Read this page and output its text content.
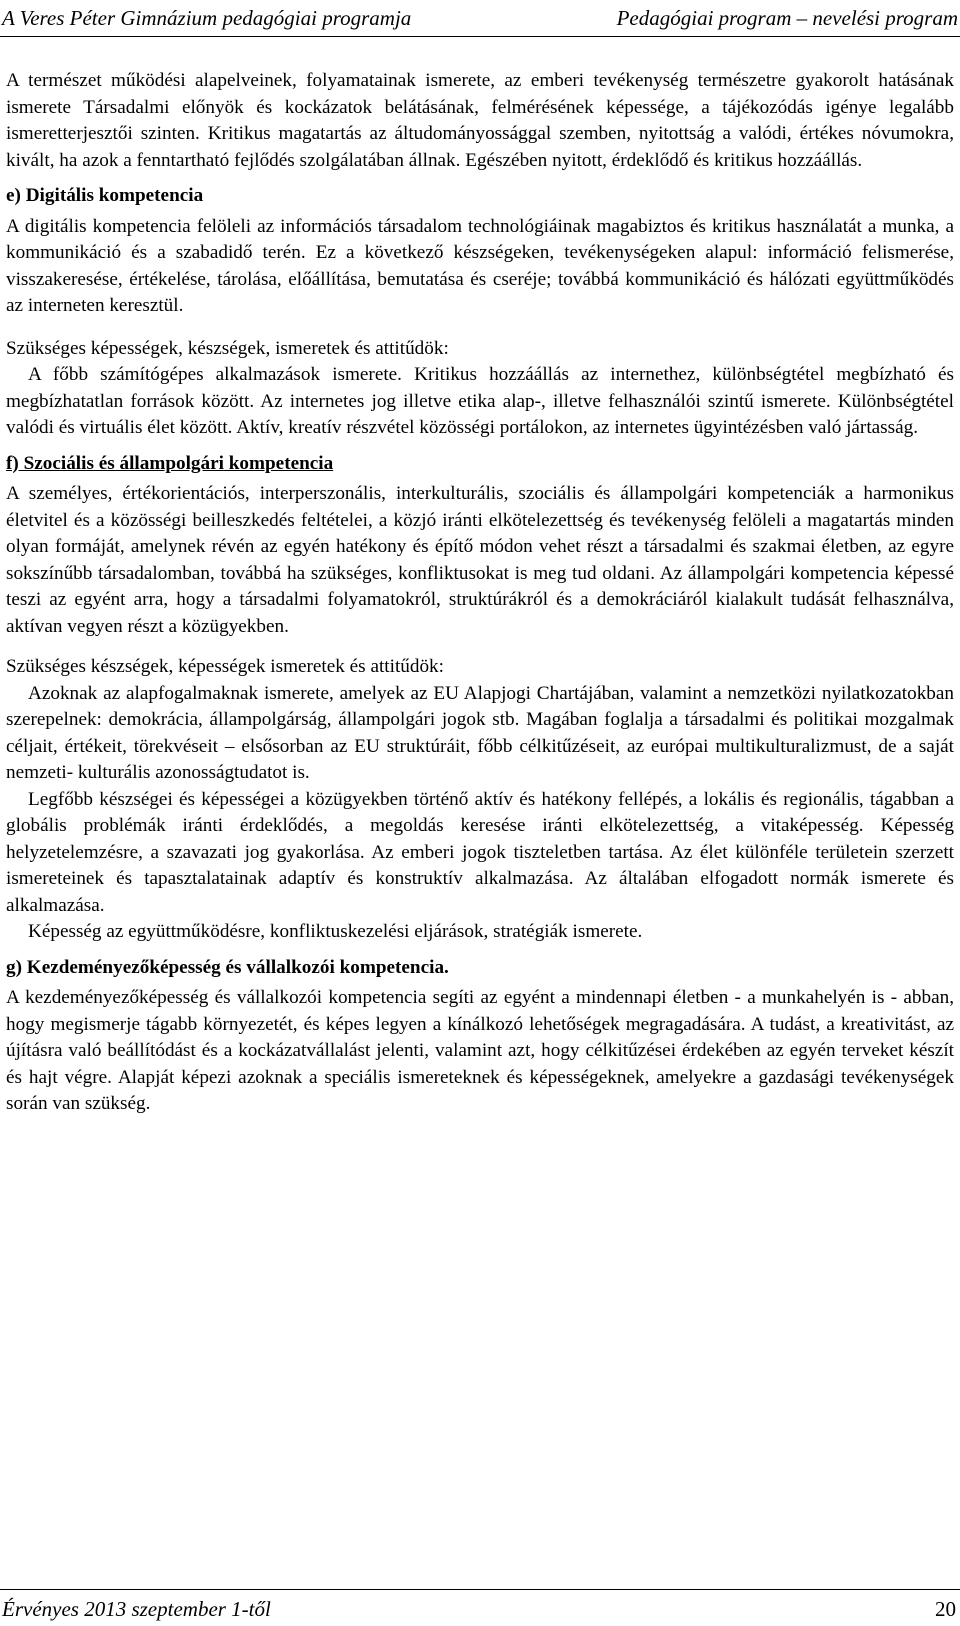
A Veres Péter Gimnázium pedagógiai programja	Pedagógiai program – nevelési program

A természet működési alapelveinek, folyamatainak ismerete, az emberi tevékenység természetre gyakorolt hatásának ismerete Társadalmi előnyök és kockázatok belátásának, felmérésének képessége, a tájékozódás igénye legalább ismeretterjesztői szinten. Kritikus magatartás az áltudományossággal szemben, nyitottság a valódi, értékes nóvumokra, kivált, ha azok a fenntartható fejlődés szolgálatában állnak. Egészében nyitott, érdeklődő és kritikus hozzáállás.

e) Digitális kompetencia

A digitális kompetencia felöleli az információs társadalom technológiáinak magabiztos és kritikus használatát a munka, a kommunikáció és a szabadidő terén. Ez a következő készségeken, tevékenységeken alapul: információ felismerése, visszakeresése, értékelése, tárolása, előállítása, bemutatása és cseréje; továbbá kommunikáció és hálózati együttműködés az interneten keresztül.

Szükséges képességek, készségek, ismeretek és attitűdök:

A főbb számítógépes alkalmazások ismerete. Kritikus hozzáállás az internethez, különbségtétel megbízható és megbízhatatlan források között. Az internetes jog illetve etika alap-, illetve felhasználói szintű ismerete. Különbségtétel valódi és virtuális élet között. Aktív, kreatív részvétel közösségi portálokon, az internetes ügyintézésben való jártasság.

f) Szociális és állampolgári kompetencia

A személyes, értékorientációs, interperszonális, interkulturális, szociális és állampolgári kompetenciák a harmonikus életvitel és a közösségi beilleszkedés feltételei, a közjó iránti elkötelezettség és tevékenység felöleli a magatartás minden olyan formáját, amelynek révén az egyén hatékony és építő módon vehet részt a társadalmi és szakmai életben, az egyre sokszínűbb társadalomban, továbbá ha szükséges, konfliktusokat is meg tud oldani. Az állampolgári kompetencia képessé teszi az egyént arra, hogy a társadalmi folyamatokról, struktúrákról és a demokráciáról kialakult tudását felhasználva, aktívan vegyen részt a közügyekben.

Szükséges készségek, képességek ismeretek és attitűdök:

Azoknak az alapfogalmaknak ismerete, amelyek az EU Alapjogi Chartájában, valamint a nemzetközi nyilatkozatokban szerepelnek: demokrácia, állampolgárság, állampolgári jogok stb. Magában foglalja a társadalmi és politikai mozgalmak céljait, értékeit, törekvéseit – elsősorban az EU struktúráit, főbb célkitűzéseit, az európai multikulturalizmust, de a saját nemzeti- kulturális azonosságtudatot is.

Legfőbb készségei és képességei a közügyekben történő aktív és hatékony fellépés, a lokális és regionális, tágabban a globális problémák iránti érdeklődés, a megoldás keresése iránti elkötelezettség, a vitaképesség. Képesség helyzetelemzésre, a szavazati jog gyakorlása. Az emberi jogok tiszteletben tartása. Az élet különféle területein szerzett ismereteinek és tapasztalatainak adaptív és konstruktív alkalmazása. Az általában elfogadott normák ismerete és alkalmazása.

Képesség az együttműködésre, konfliktuskezelési eljárások, stratégiák ismerete.

g) Kezdeményezőképesség és vállalkozói kompetencia.

A kezdeményezőképesség és vállalkozói kompetencia segíti az egyént a mindennapi életben - a munkahelyén is - abban, hogy megismerje tágabb környezetét, és képes legyen a kínálkozó lehetőségek megragadására. A tudást, a kreativitást, az újításra való beállítódást és a kockázatvállalást jelenti, valamint azt, hogy célkitűzései érdekében az egyén terveket készít és hajt végre. Alapját képezi azoknak a speciális ismereteknek és képességeknek, amelyekre a gazdasági tevékenységek során van szükség.

Érvényes 2013 szeptember 1-től	20
